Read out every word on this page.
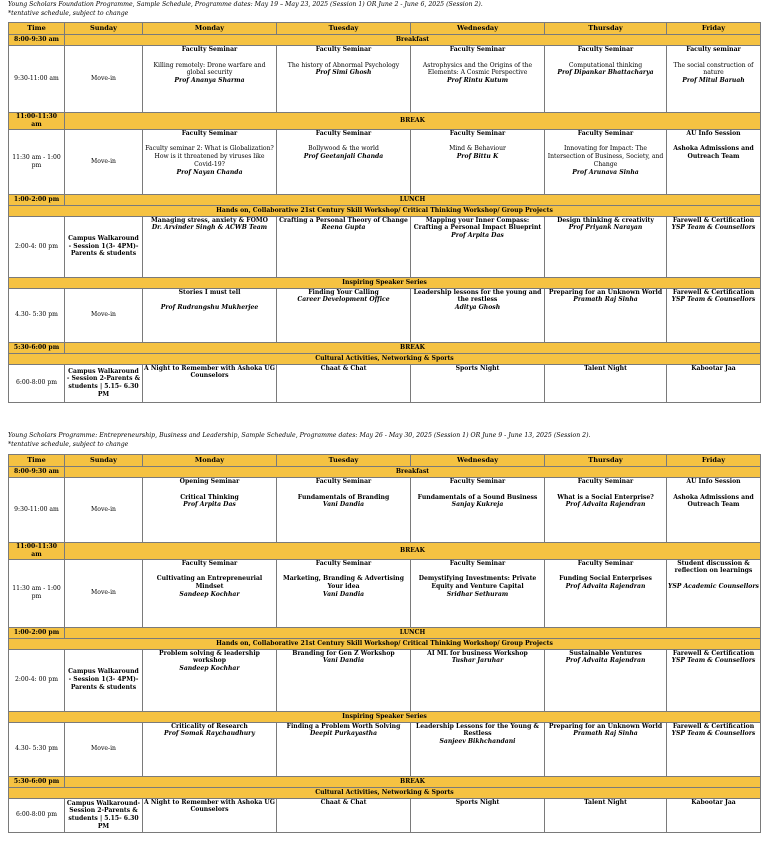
Young Scholars Foundation Programme, Sample Schedule, Programme dates: May 19 – May 23, 2025 (Session 1) OR June 2 - June 6, 2025 (Session 2).
*tentative schedule, subject to change
Time	Sunday	Monday	Tuesday	Wednesday	Thursday	Friday
8:00-9:30 am	Breakfast					
9:30-11:00 am	Move-in	Faculty Seminar
Killing remotely: Drone warfare and global security
Prof Ananya Sharma	Faculty Seminar
The history of Abnormal Psychology
Prof Simi Ghosh	Faculty Seminar
Astrophysics and the Origins of the Elements: A Cosmic Perspective
Prof Rintu Kutum	Faculty Seminar
Computational thinking
Prof Dipankar Bhattacharya	Faculty seminar
The social construction of nature
Prof Mitul Baruah

11:00-11:30 am	BREAK					
11:30 am - 1:00 pm	Move-in	Faculty Seminar
Faculty seminar 2: What is Globalization? How is it threatened by viruses like Covid-19?
Prof Nayan Chanda	Faculty Seminar
Bollywood & the world
Prof Geetanjali Chanda	Faculty Seminar
Mind & Behaviour
Prof Bittu K	Faculty Seminar
Innovating for Impact: The Intersection of Business, Society, and Change
Prof Arunava Sinha	AU Info Session
Ashoka Admissions and Outreach Team

1:00-2:00 pm	LUNCH					
Hands on, Collaborative 21st Century Skill Workshop/ Critical Thinking Workshop/ Group Projects						
2:00-4: 00 pm	Campus Walkaround - Session 1(3- 4PM)-Parents & students	Managing stress, anxiety & FOMO
Dr. Arvinder Singh & ACWB Team	Crafting a Personal Theory of Change
Reena Gupta	Mapping your Inner Compass: Crafting a Personal Impact Blueprint
Prof Arpita Das	Design thinking & creativity
Prof Priyank Narayan	Farewell & Certification
YSP Team & Counsellors

Inspiring Speaker Series						
4.30- 5:30 pm	Move-in	Stories I must tell
Prof Rudrangshu Mukherjee	Finding Your Calling
Career Development Office	Leadership lessons for the young and the restless
Aditya Ghosh	Preparing for an Unknown World
Pramath Raj Sinha	Farewell & Certification
YSP Team & Counsellors

5:30-6:00 pm	BREAK					
Cultural Activities, Networking & Sports						
6:00-8:00 pm	Campus Walkaround - Session 2-Parents & students | 5.15- 6.30 PM	A Night to Remember with Ashoka UG Counselors	Chaat & Chat	Sports Night	Talent Night	Kabootar Jaa
Young Scholars Programme: Entrepreneurship, Business and Leadership, Sample Schedule, Programme dates: May 26 - May 30, 2025 (Session 1) OR June 9 - June 13, 2025 (Session 2).
*tentative schedule, subject to change
Time	Sunday	Monday	Tuesday	Wednesday	Thursday	Friday
8:00-9:30 am	Breakfast					
9:30-11:00 am	Move-in	Opening Seminar
Critical Thinking
Prof Arpita Das	Faculty Seminar
Fundamentals of Branding
Vani Dandia	Faculty Seminar
Fundamentals of a Sound Business
Sanjay Kukreja	Faculty Seminar
What is a Social Enterprise?
Prof Advaita Rajendran	AU Info Session
Ashoka Admissions and Outreach Team

11:00-11:30 am	BREAK					
11:30 am - 1:00 pm	Move-in	Faculty Seminar
Cultivating an Entrepreneurial Mindset
Sandeep Kochhar	Faculty Seminar
Marketing, Branding & Advertising Your idea
Vani Dandia	Faculty Seminar
Demystifying Investments: Private Equity and Venture Capital
Sridhar Sethuram	Faculty Seminar
Funding Social Enterprises
Prof Advaita Rajendran	Student discussion & reflection on learnings
YSP Academic Counsellors

1:00-2:00 pm	LUNCH					
Hands on, Collaborative 21st Century Skill Workshop/ Critical Thinking Workshop/ Group Projects						
2:00-4: 00 pm	Campus Walkaround - Session 1(3- 4PM)- Parents & students	Problem solving & leadership workshop
Sandeep Kochhar	Branding for Gen Z Workshop
Vani Dandia	AI ML for business Workshop
Tushar Jaruhar	Sustainable Ventures
Prof Advaita Rajendran	Farewell & Certification
YSP Team & Counsellors

Inspiring Speaker Series						
4.30- 5:30 pm	Move-in	Criticality of Research
Prof Somak Raychaudhury	Finding a Problem Worth Solving
Deepit Purkayastha	Leadership Lessons for the Young & Restless
Sanjeev Bikhchandani	Preparing for an Unknown World
Pramath Raj Sinha	Farewell & Certification
YSP Team & Counsellors

5:30-6:00 pm	BREAK					
Cultural Activities, Networking & Sports						
6:00-8:00 pm	Campus Walkaround- Session 2-Parents & students | 5.15- 6.30 PM	A Night to Remember with Ashoka UG Counselors	Chaat & Chat	Sports Night	Talent Night	Kabootar Jaa
